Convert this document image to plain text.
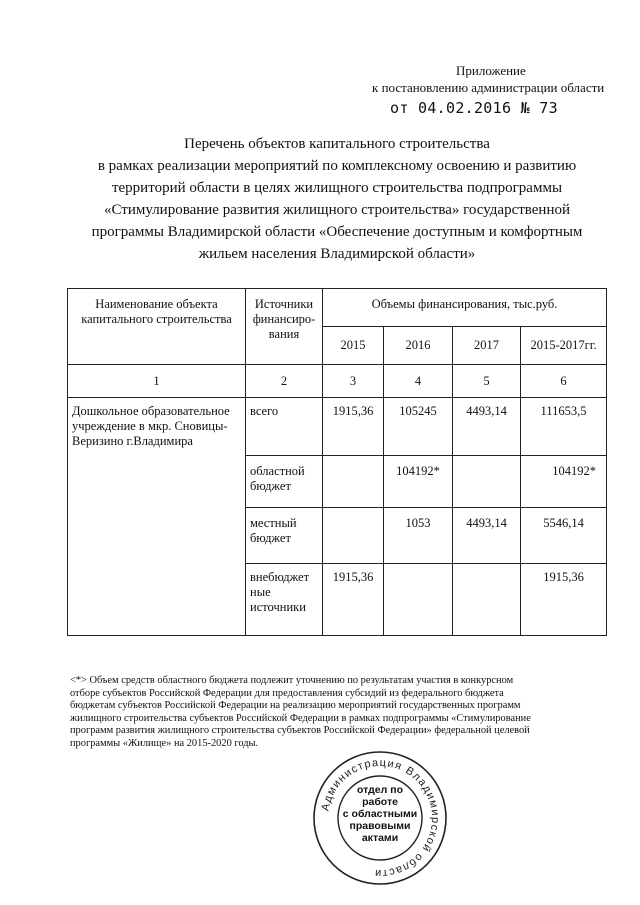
Приложение
к постановлению администрации области
от 04.02.2016 № 73
Перечень объектов капитального строительства
в рамках реализации мероприятий по комплексному освоению и развитию
территорий области в целях жилищного строительства подпрограммы
«Стимулирование развития жилищного строительства» государственной
программы Владимирской области «Обеспечение доступным и комфортным
жильем населения Владимирской области»
Наименование объекта капитального строительства	Источники финансиро-вания	Объемы финансирования, тыс.руб.			
		2015	2016	2017	2015-2017гг.
1	2	3	4	5	6
Дошкольное образовательное учреждение в мкр. Сновицы-Веризино г.Владимира	всего	1915,36	105245	4493,14	111653,5
	областной бюджет		104192*		104192*
	местный бюджет		1053	4493,14	5546,14
	внебюджет ные источники	1915,36			1915,36
<*> Объем средств областного бюджета подлежит уточнению по результатам участия в конкурсном
отборе субъектов Российской Федерации для предоставления субсидий из федерального бюджета
бюджетам субъектов Российской Федерации на реализацию мероприятий государственных программ
жилищного строительства субъектов Российской Федерации в рамках подпрограммы «Стимулирование
программ развития жилищного строительства субъектов Российской Федерации» федеральной целевой
программы «Жилище» на 2015-2020 годы.
Администрация Владимирской области
отдел по работе
с областными
правовыми
актами
